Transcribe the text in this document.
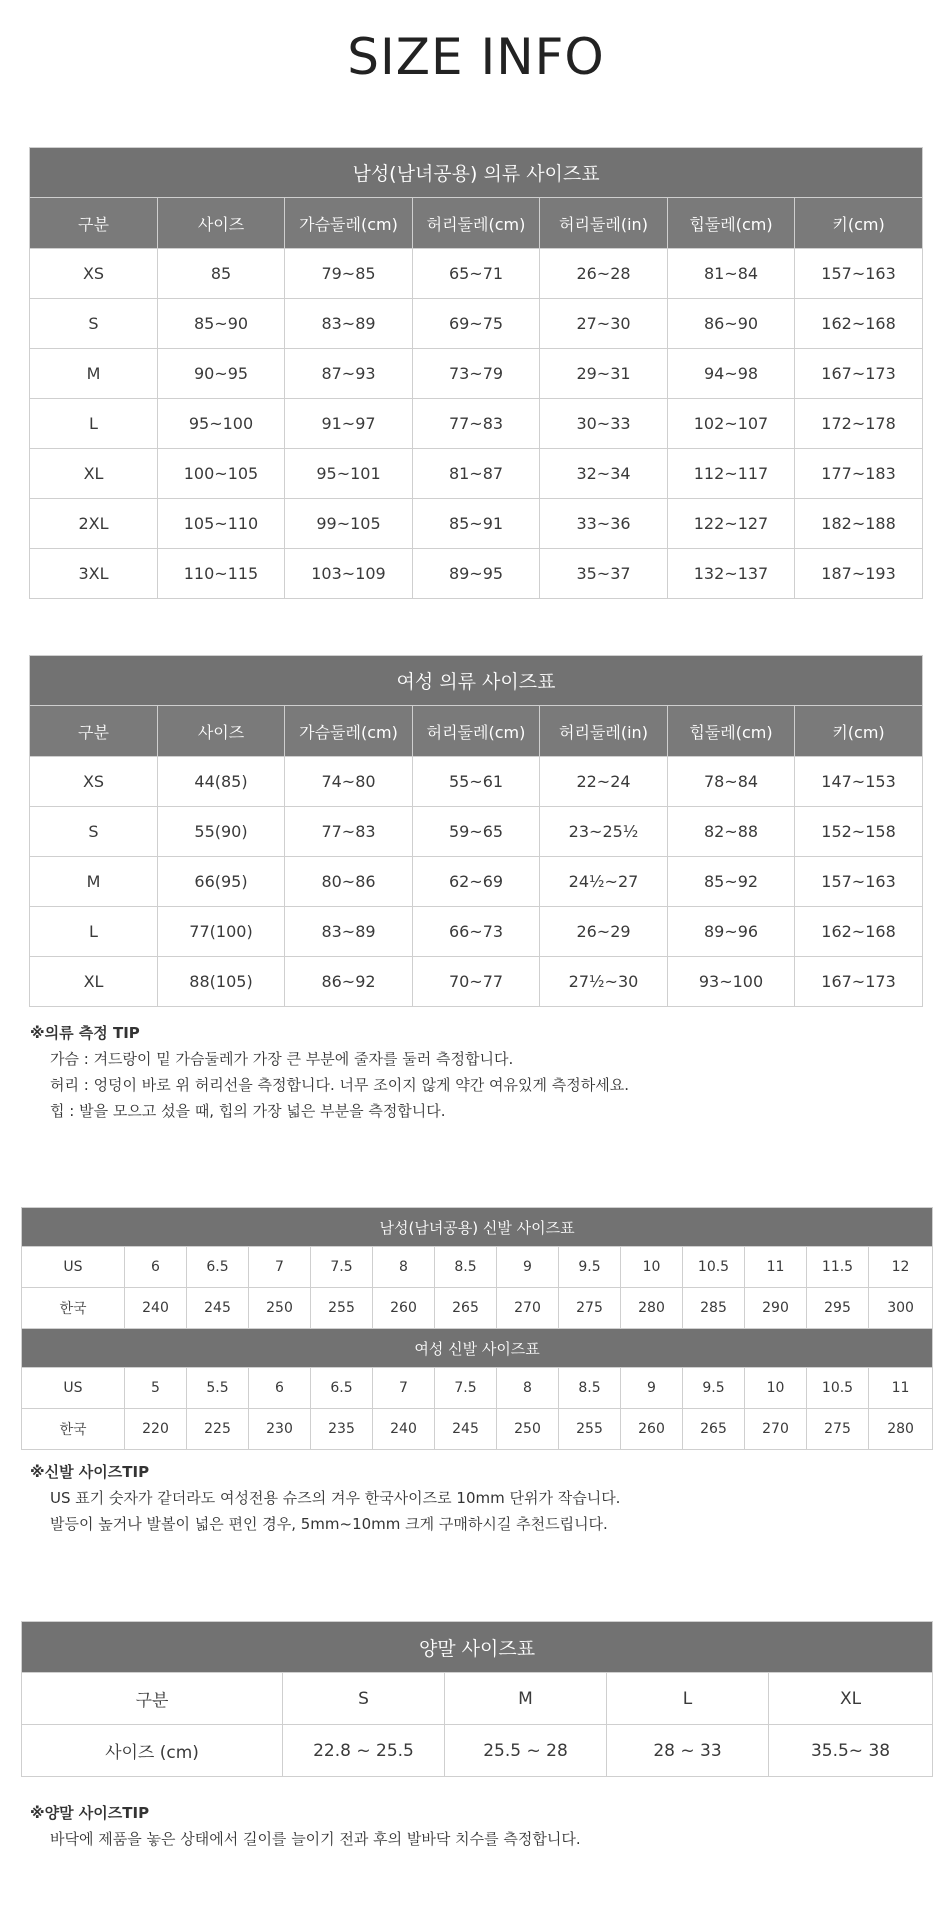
SIZE INFO
남성(남녀공용) 의류 사이즈표						
구분	사이즈	가슴둘레(cm)	허리둘레(cm)	허리둘레(in)	힙둘레(cm)	키(cm)
XS	85	79~85	65~71	26~28	81~84	157~163
S	85~90	83~89	69~75	27~30	86~90	162~168
M	90~95	87~93	73~79	29~31	94~98	167~173
L	95~100	91~97	77~83	30~33	102~107	172~178
XL	100~105	95~101	81~87	32~34	112~117	177~183
2XL	105~110	99~105	85~91	33~36	122~127	182~188
3XL	110~115	103~109	89~95	35~37	132~137	187~193
여성 의류 사이즈표						
구분	사이즈	가슴둘레(cm)	허리둘레(cm)	허리둘레(in)	힙둘레(cm)	키(cm)
XS	44(85)	74~80	55~61	22~24	78~84	147~153
S	55(90)	77~83	59~65	23~25½	82~88	152~158
M	66(95)	80~86	62~69	24½~27	85~92	157~163
L	77(100)	83~89	66~73	26~29	89~96	162~168
XL	88(105)	86~92	70~77	27½~30	93~100	167~173
※의류 측정 TIP
가슴 : 겨드랑이 밑 가슴둘레가 가장 큰 부분에 줄자를 둘러 측정합니다.
허리 : 엉덩이 바로 위 허리선을 측정합니다. 너무 조이지 않게 약간 여유있게 측정하세요.
힙 : 발을 모으고 섰을 때, 힙의 가장 넓은 부분을 측정합니다.
남성(남녀공용) 신발 사이즈표													
US	6	6.5	7	7.5	8	8.5	9	9.5	10	10.5	11	11.5	12
한국	240	245	250	255	260	265	270	275	280	285	290	295	300
여성 신발 사이즈표													
US	5	5.5	6	6.5	7	7.5	8	8.5	9	9.5	10	10.5	11
한국	220	225	230	235	240	245	250	255	260	265	270	275	280
※신발 사이즈TIP
US 표기 숫자가 같더라도 여성전용 슈즈의 겨우 한국사이즈로 10mm 단위가 작습니다.
발등이 높거나 발볼이 넓은 편인 경우, 5mm~10mm 크게 구매하시길 추천드립니다.
양말 사이즈표				
구분	S	M	L	XL
사이즈 (cm)	22.8 ~ 25.5	25.5 ~ 28	28 ~ 33	35.5~ 38
※양말 사이즈TIP
바닥에 제품을 놓은 상태에서 길이를 늘이기 전과 후의 발바닥 치수를 측정합니다.
